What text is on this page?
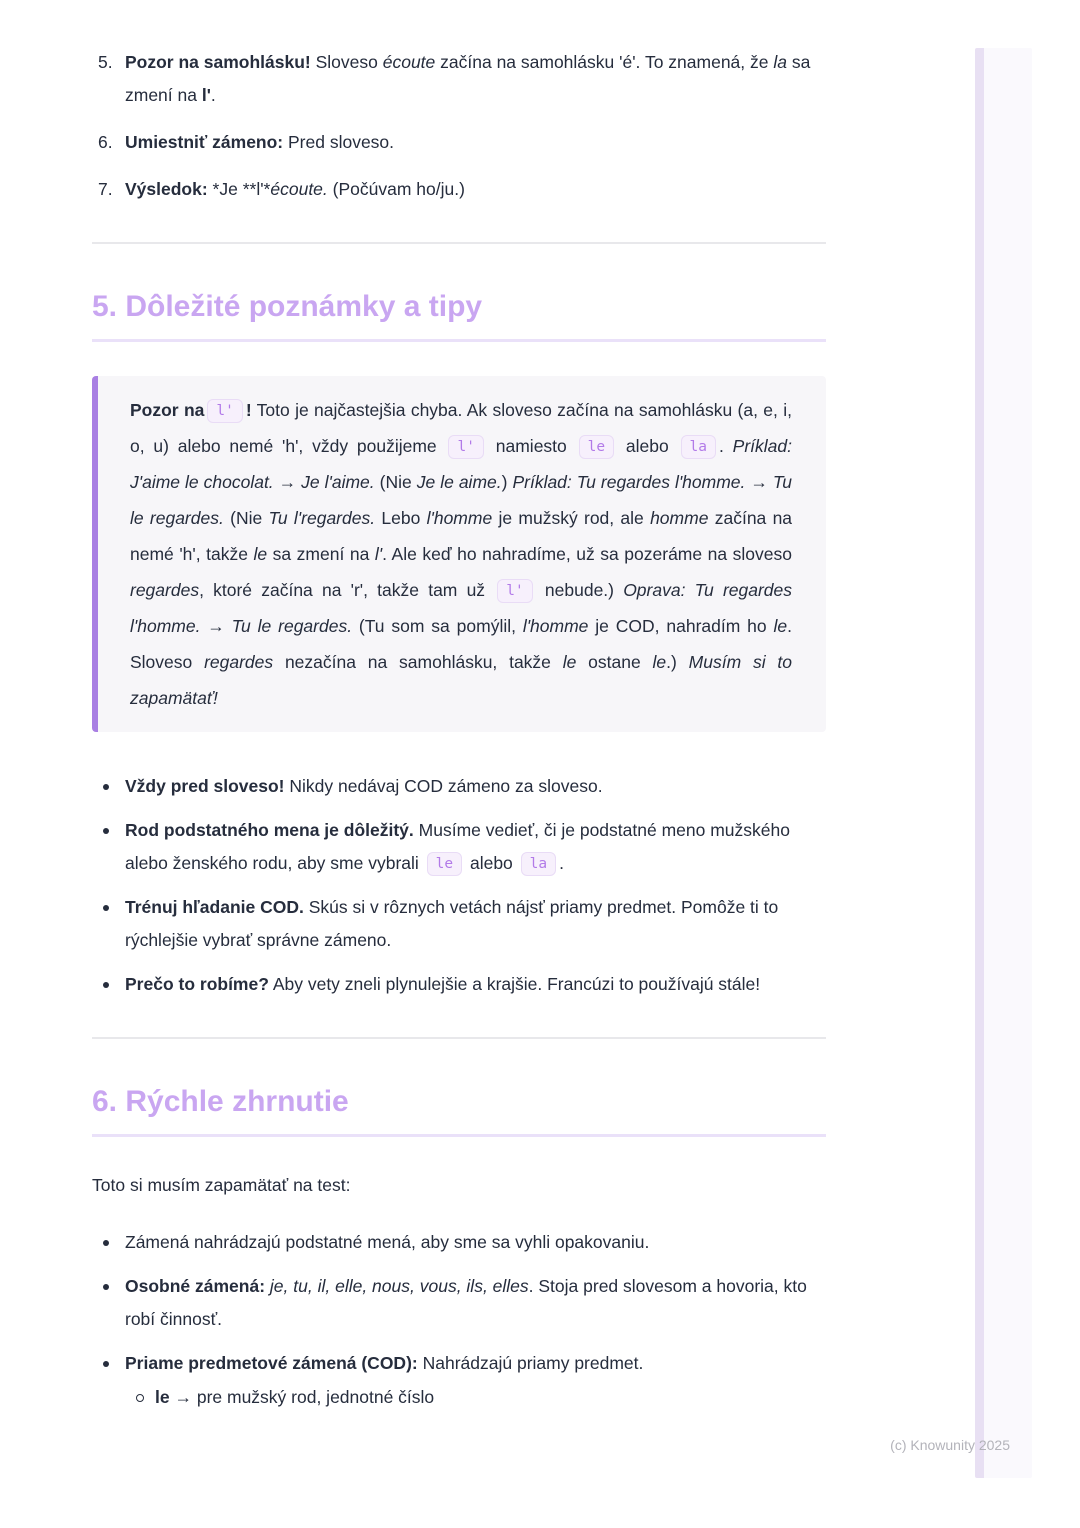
5. Pozor na samohlásku! Sloveso écoute začína na samohlásku 'é'. To znamená, že la sa zmení na l'.

6. Umiestniť zámeno: Pred sloveso.

7. Výsledok: *Je **l'*écoute. (Počúvam ho/ju.)

5. Dôležité poznámky a tipy

Pozor na l' ! Toto je najčastejšia chyba. Ak sloveso začína na samohlásku (a, e, i, o, u) alebo nemé 'h', vždy použijeme l' namiesto le alebo la . Príklad: J'aime le chocolat. → Je l'aime. (Nie Je le aime.) Príklad: Tu regardes l'homme. → Tu le regardes. (Nie Tu l'regardes. Lebo l'homme je mužský rod, ale homme začína na nemé 'h', takže le sa zmení na l'. Ale keď ho nahradíme, už sa pozeráme na sloveso regardes, ktoré začína na 'r', takže tam už l' nebude.) Oprava: Tu regardes l'homme. → Tu le regardes. (Tu som sa pomýlil, l'homme je COD, nahradím ho le. Sloveso regardes nezačína na samohlásku, takže le ostane le.) Musím si to zapamätať!

Vždy pred sloveso! Nikdy nedávaj COD zámeno za sloveso.
Rod podstatného mena je dôležitý. Musíme vedieť, či je podstatné meno mužského alebo ženského rodu, aby sme vybrali le alebo la .
Trénuj hľadanie COD. Skús si v rôznych vetách nájsť priamy predmet. Pomôže ti to rýchlejšie vybrať správne zámeno.
Prečo to robíme? Aby vety zneli plynulejšie a krajšie. Francúzi to používajú stále!
6. Rýchle zhrnutie

Toto si musím zapamätať na test:

Zámená nahrádzajú podstatné mená, aby sme sa vyhli opakovaniu.
Osobné zámená: je, tu, il, elle, nous, vous, ils, elles. Stoja pred slovesom a hovoria, kto robí činnosť.

Priame predmetové zámená (COD): Nahrádzajú priamy predmet.

le → pre mužský rod, jednotné číslo
(c) Knowunity 2025
